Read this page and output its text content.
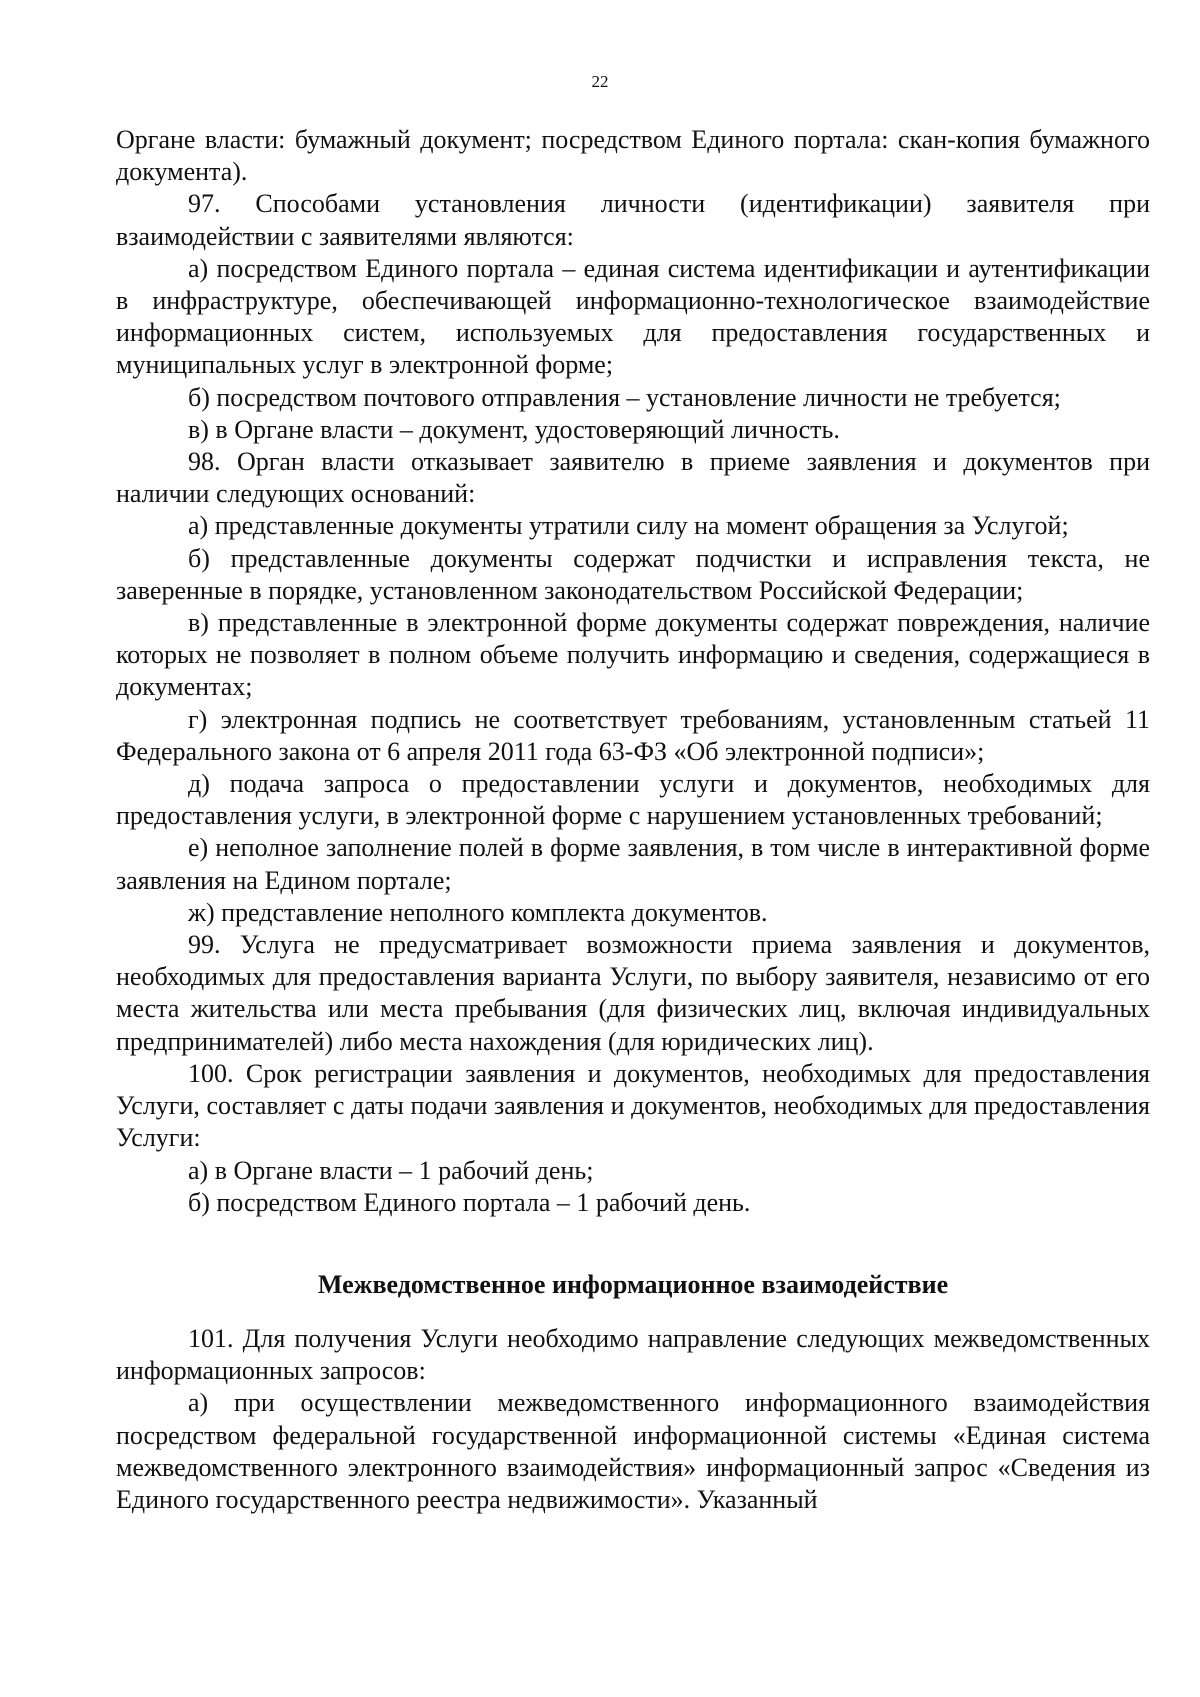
22

Органе власти: бумажный документ; посредством Единого портала: скан-копия бумажного документа).

97. Способами установления личности (идентификации) заявителя при взаимодействии с заявителями являются:

а) посредством Единого портала – единая система идентификации и аутентификации в инфраструктуре, обеспечивающей информационно-технологическое взаимодействие информационных систем, используемых для предоставления государственных и муниципальных услуг в электронной форме;

б) посредством почтового отправления – установление личности не требуется;

в) в Органе власти – документ, удостоверяющий личность.

98. Орган власти отказывает заявителю в приеме заявления и документов при наличии следующих оснований:

а) представленные документы утратили силу на момент обращения за Услугой;

б) представленные документы содержат подчистки и исправления текста, не заверенные в порядке, установленном законодательством Российской Федерации;

в) представленные в электронной форме документы содержат повреждения, наличие которых не позволяет в полном объеме получить информацию и сведения, содержащиеся в документах;

г) электронная подпись не соответствует требованиям, установленным статьей 11 Федерального закона от 6 апреля 2011 года 63-ФЗ «Об электронной подписи»;

д) подача запроса о предоставлении услуги и документов, необходимых для предоставления услуги, в электронной форме с нарушением установленных требований;

е) неполное заполнение полей в форме заявления, в том числе в интерактивной форме заявления на Едином портале;

ж) представление неполного комплекта документов.

99. Услуга не предусматривает возможности приема заявления и документов, необходимых для предоставления варианта Услуги, по выбору заявителя, независимо от его места жительства или места пребывания (для физических лиц, включая индивидуальных предпринимателей) либо места нахождения (для юридических лиц).

100. Срок регистрации заявления и документов, необходимых для предоставления Услуги, составляет с даты подачи заявления и документов, необходимых для предоставления Услуги:

а) в Органе власти – 1 рабочий день;

б) посредством Единого портала – 1 рабочий день.

Межведомственное информационное взаимодействие

101. Для получения Услуги необходимо направление следующих межведомственных информационных запросов:

а) при осуществлении межведомственного информационного взаимодействия посредством федеральной государственной информационной системы «Единая система межведомственного электронного взаимодействия» информационный запрос «Сведения из Единого государственного реестра недвижимости». Указанный
